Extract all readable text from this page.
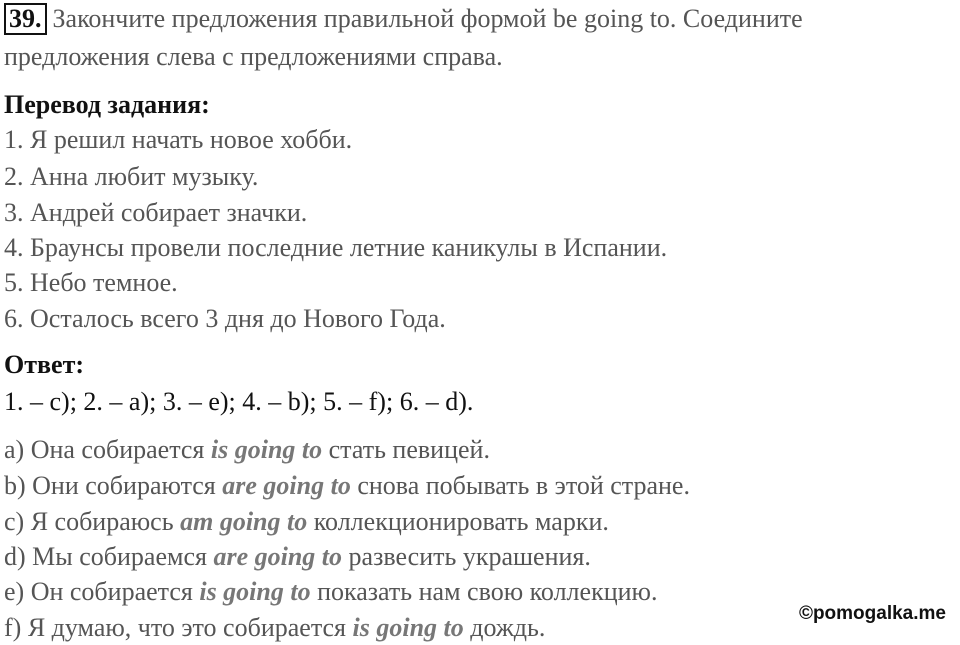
39. Закончите предложения правильной формой be going to. Соедините
предложения слева с предложениями справа.
Перевод задания:
1. Я решил начать новое хобби.
2. Анна любит музыку.
3. Андрей собирает значки.
4. Браунсы провели последние летние каникулы в Испании.
5. Небо темное.
6. Осталось всего 3 дня до Нового Года.
Ответ:
1. – c); 2. – a); 3. – e); 4. – b); 5. – f); 6. – d).
a) Она собирается is going to стать певицей.
b) Они собираются are going to снова побывать в этой стране.
c) Я собираюсь am going to коллекционировать марки.
d) Мы собираемся are going to развесить украшения.
e) Он собирается is going to показать нам свою коллекцию.
f) Я думаю, что это собирается is going to дождь.	©pomogalka.me
